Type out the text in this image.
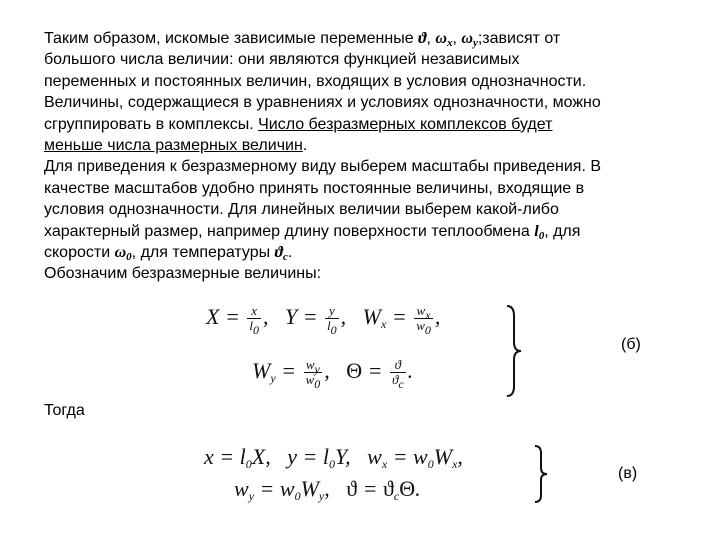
Таким образом, искомые зависимые переменные ϑ, $\omega_x$, $\omega_y;зависят$ от
большого числа величии: они являются функцией независимых
переменных и постоянных величин, входящих в условия однозначности.
Величины, содержащиеся в уравнениях и условиях однозначности, можно
сгруппировать в комплексы. Число безразмерных комплексов будет
меньше числа размерных величин.
Для приведения к безразмерному виду выберем масштабы приведения. В
качестве масштабов удобно принять постоянные величины, входящие в
условия однозначности. Для линейных величии выберем какой-либо
характерный размер, например длину поверхности теплообмена $l_0$, для
скорости $\omega_0$, для температуры $ϑ_c$.
Обозначим безразмерные величины:
$X = \frac{x}{l_0}$ , $Y = \frac{y}{l_0}$ , $W_x = \frac{w_x}{w_0}$ ,
$W_y = \frac{w_y}{w_0}$ , $\Theta = \frac{ϑ}{ϑ_c}$ .
(б)
Тогда
$x = l_0X$, $y = l_0Y$, $w_x = w_0W_x$,
$w_y = w_0W_y$, $ϑ = ϑ_c\Theta$.
(в)
